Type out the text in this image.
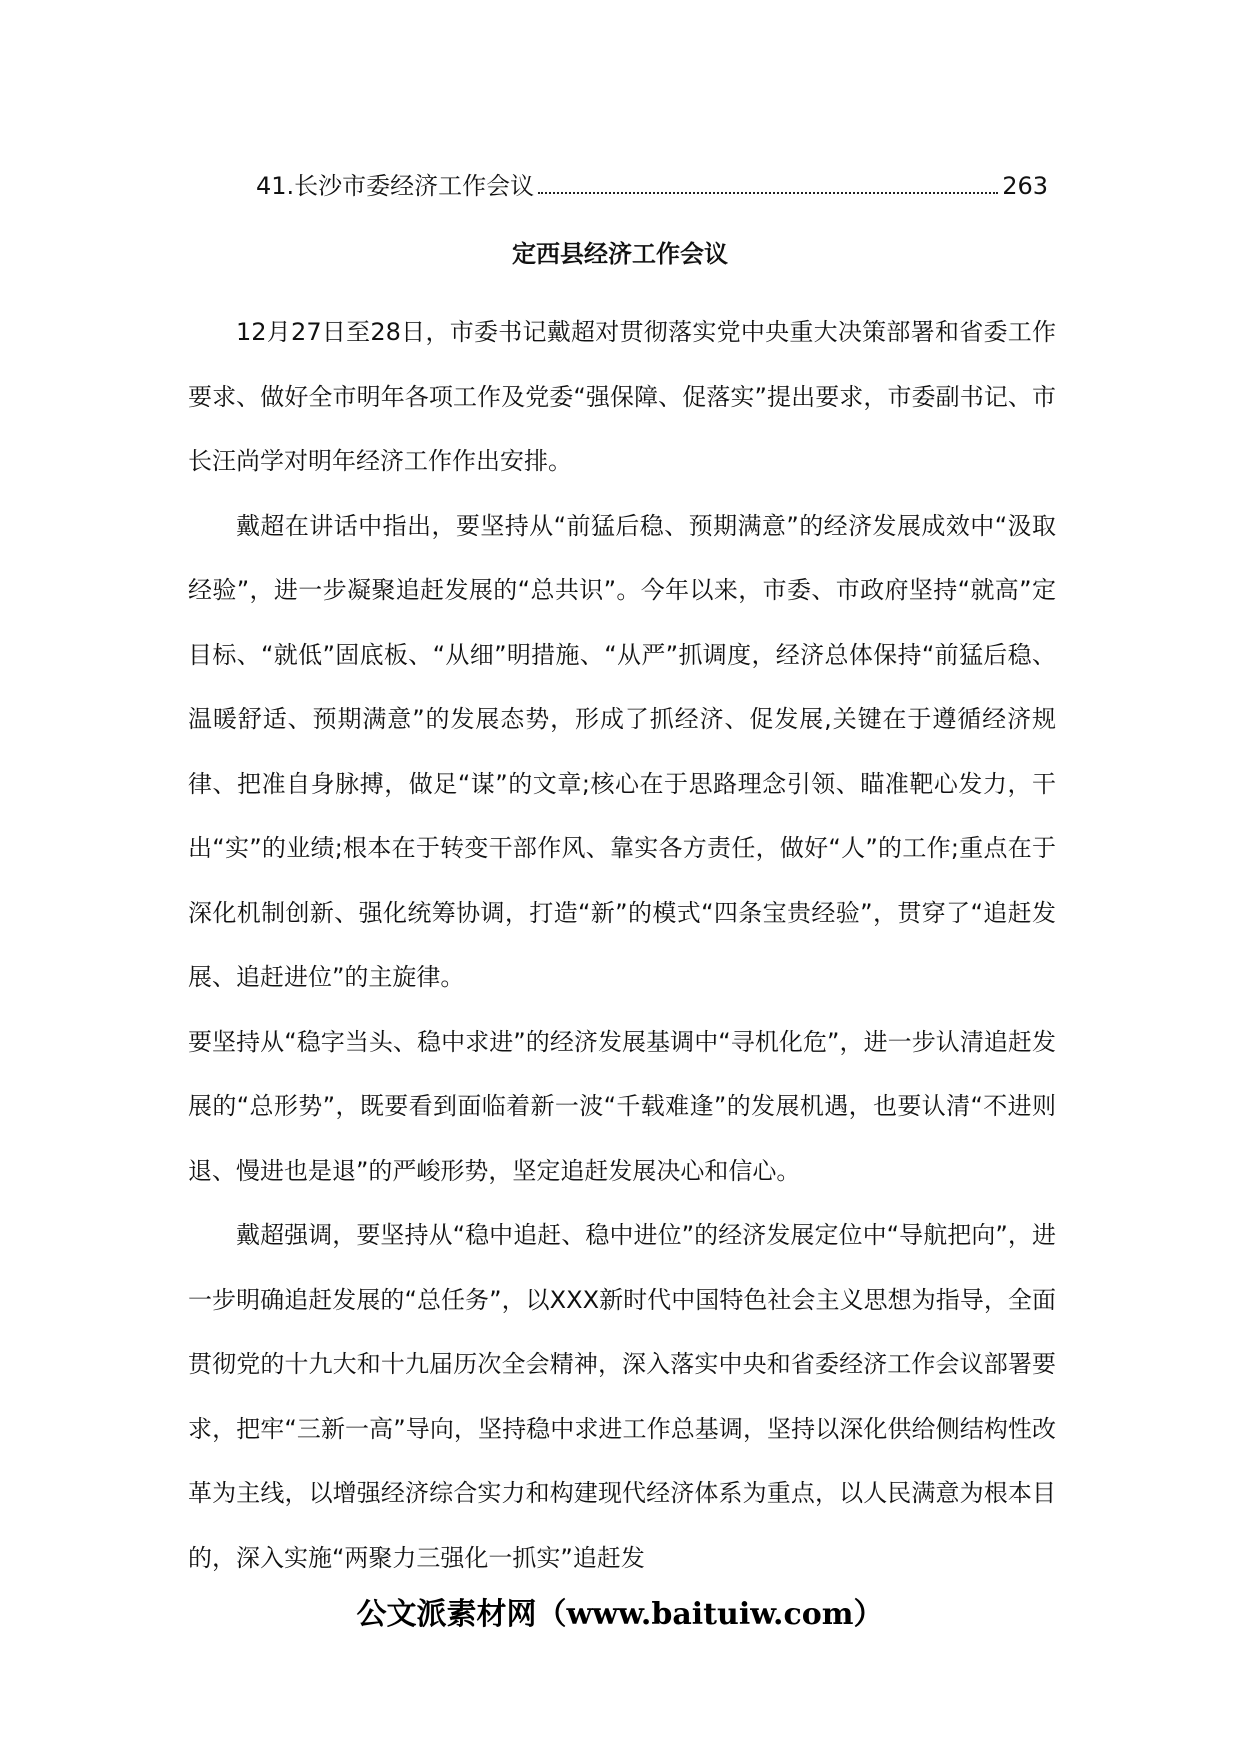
41.长沙市委经济工作会议	263
定西县经济工作会议

12月27日至28日，市委书记戴超对贯彻落实党中央重大决策部署和省委工作要求、做好全市明年各项工作及党委“强保障、促落实”提出要求，市委副书记、市长汪尚学对明年经济工作作出安排。

戴超在讲话中指出，要坚持从“前猛后稳、预期满意”的经济发展成效中“汲取经验”，进一步凝聚追赶发展的“总共识”。今年以来，市委、市政府坚持“就高”定目标、“就低”固底板、“从细”明措施、“从严”抓调度，经济总体保持“前猛后稳、温暖舒适、预期满意”的发展态势，形成了抓经济、促发展,关键在于遵循经济规律、把准自身脉搏，做足“谋”的文章;核心在于思路理念引领、瞄准靶心发力，干出“实”的业绩;根本在于转变干部作风、靠实各方责任，做好“人”的工作;重点在于深化机制创新、强化统筹协调，打造“新”的模式“四条宝贵经验”，贯穿了“追赶发展、追赶进位”的主旋律。

要坚持从“稳字当头、稳中求进”的经济发展基调中“寻机化危”，进一步认清追赶发展的“总形势”，既要看到面临着新一波“千载难逢”的发展机遇，也要认清“不进则退、慢进也是退”的严峻形势，坚定追赶发展决心和信心。

戴超强调，要坚持从“稳中追赶、稳中进位”的经济发展定位中“导航把向”，进一步明确追赶发展的“总任务”，以XXX新时代中国特色社会主义思想为指导，全面贯彻党的十九大和十九届历次全会精神，深入落实中央和省委经济工作会议部署要求，把牢“三新一高”导向，坚持稳中求进工作总基调，坚持以深化供给侧结构性改革为主线，以增强经济综合实力和构建现代经济体系为重点，以人民满意为根本目的，深入实施“两聚力三强化一抓实”追赶发

公文派素材网（www.baituiw.com）
